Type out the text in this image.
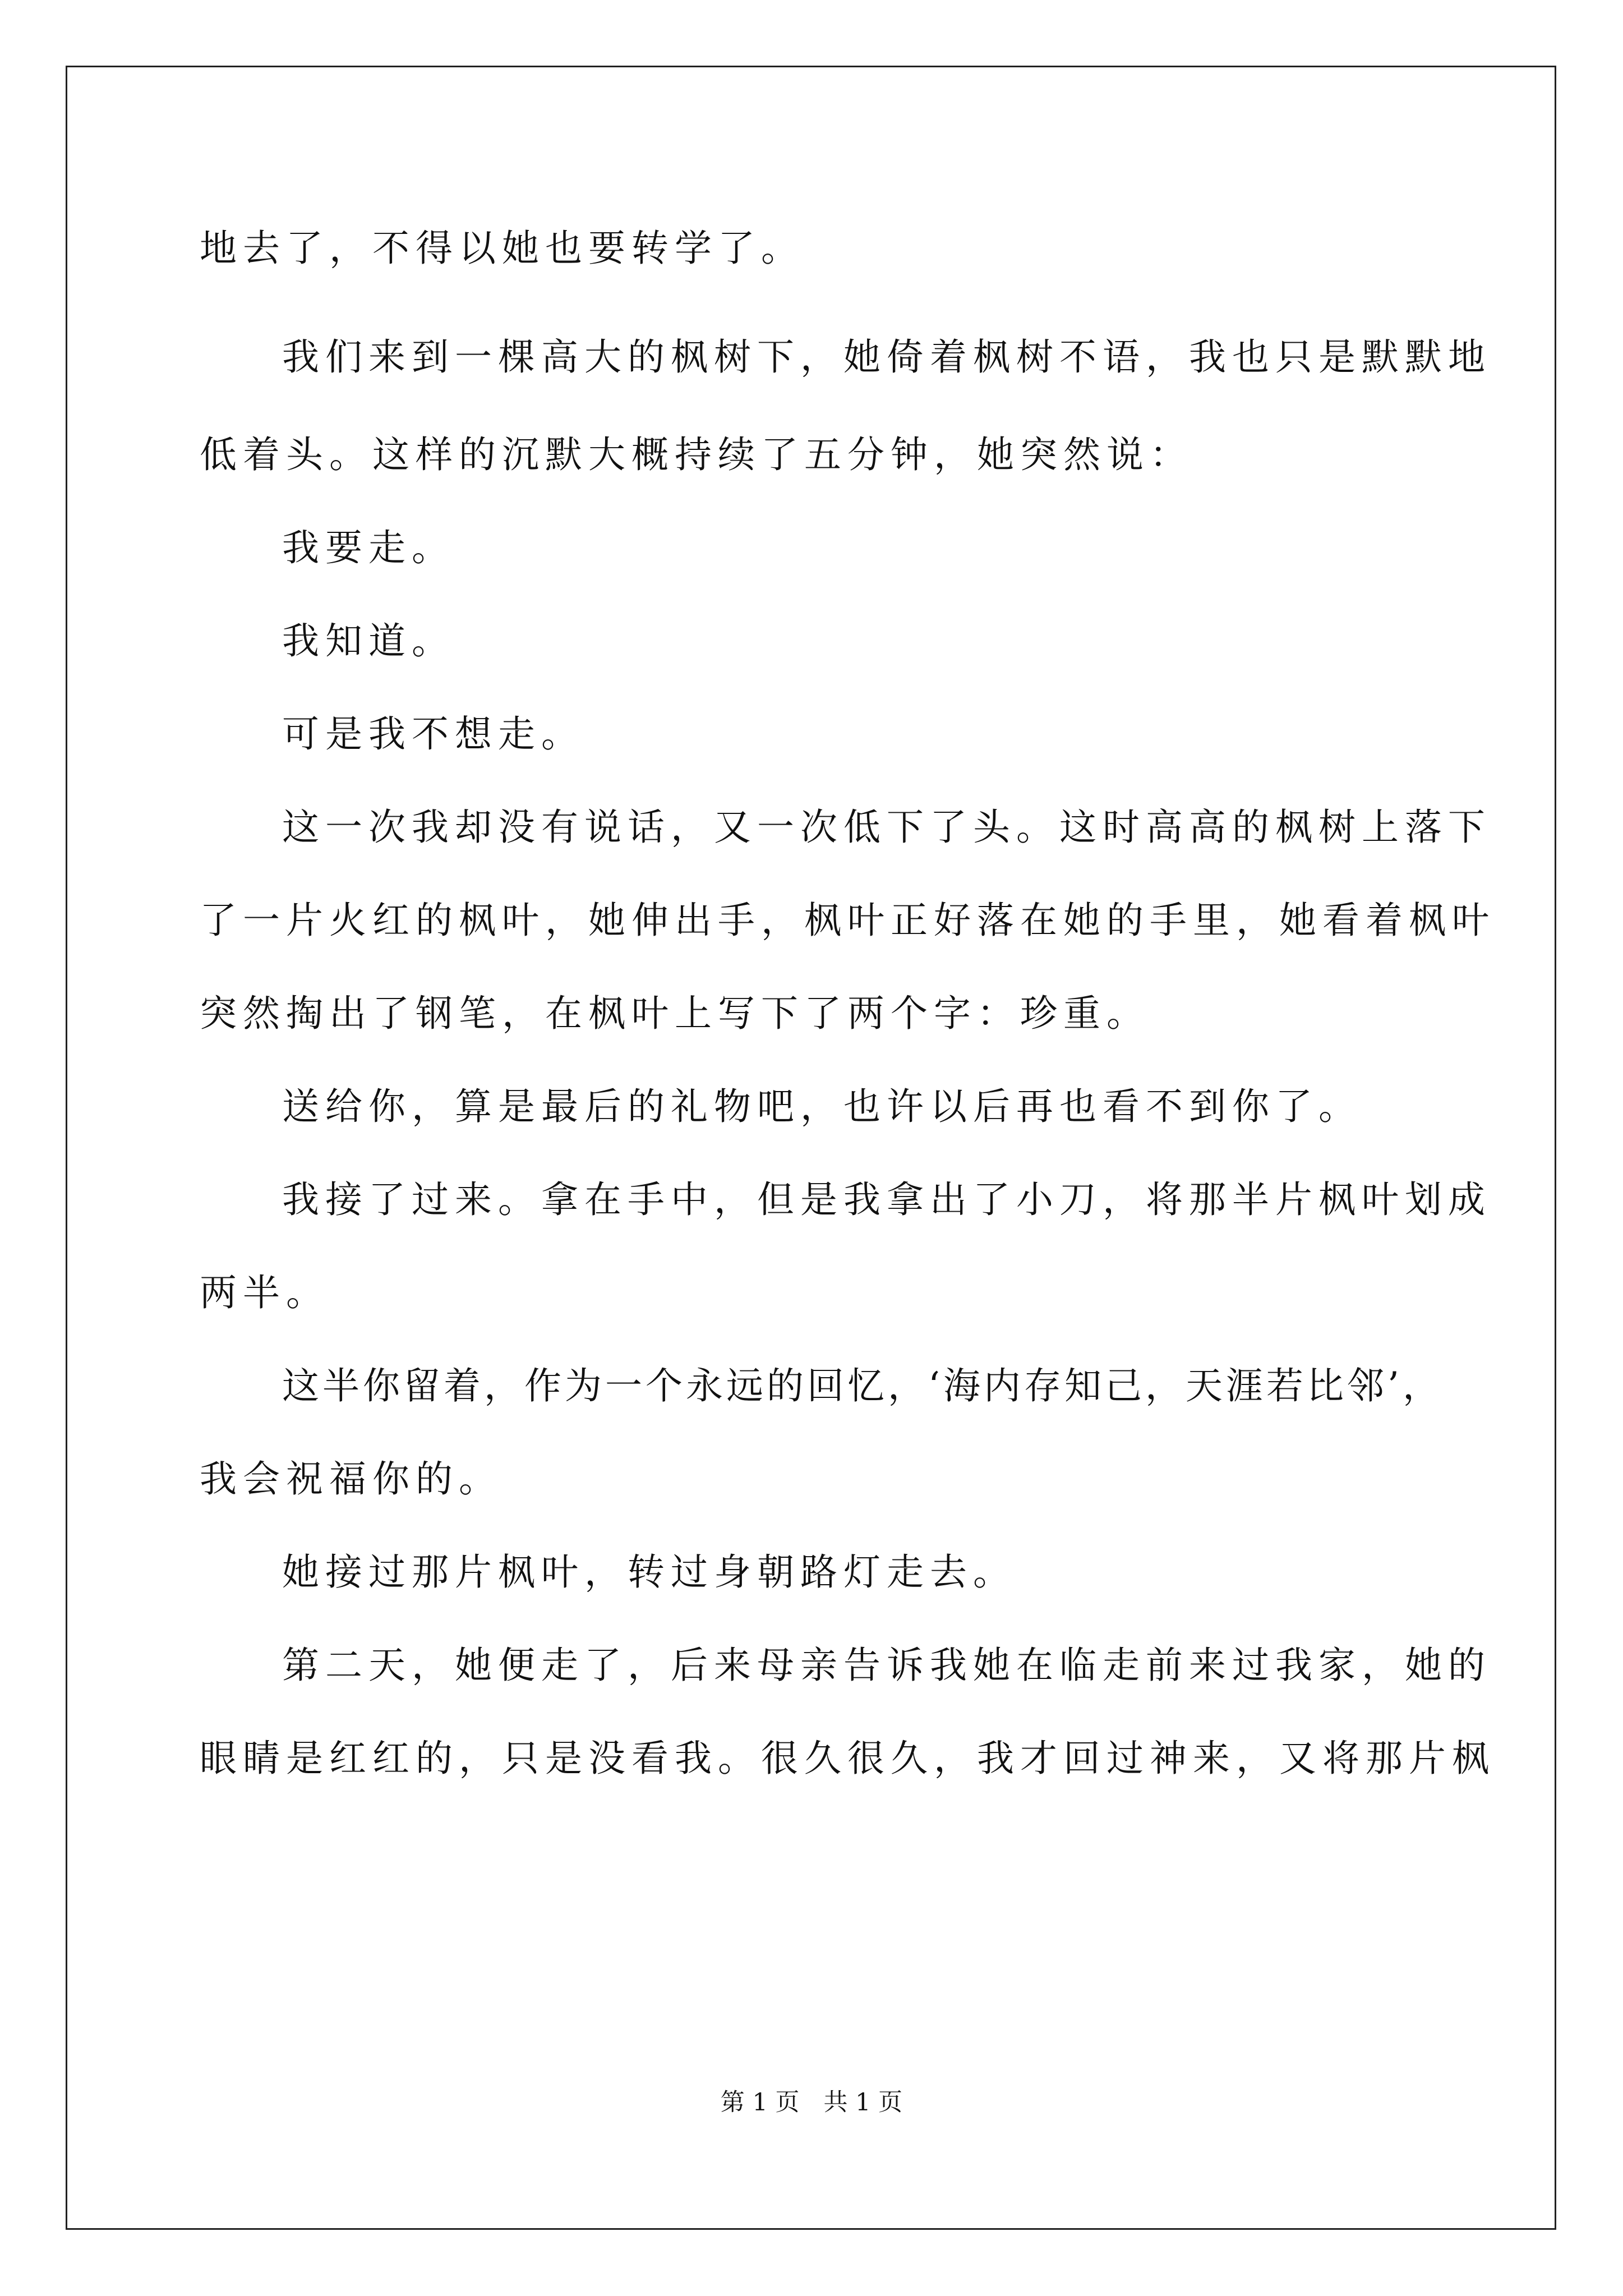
地去了，不得以她也要转学了。
我们来到一棵高大的枫树下，她倚着枫树不语，我也只是默默地
低着头。这样的沉默大概持续了五分钟，她突然说：
我要走。
我知道。
可是我不想走。
这一次我却没有说话，又一次低下了头。这时高高的枫树上落下
了一片火红的枫叶，她伸出手，枫叶正好落在她的手里，她看着枫叶
突然掏出了钢笔，在枫叶上写下了两个字：珍重。
送给你，算是最后的礼物吧，也许以后再也看不到你了。
我接了过来。拿在手中，但是我拿出了小刀，将那半片枫叶划成
两半。
这半你留着，作为一个永远的回忆，‘海内存知己，天涯若比邻’，
我会祝福你的。
她接过那片枫叶，转过身朝路灯走去。
第二天，她便走了，后来母亲告诉我她在临走前来过我家，她的
眼睛是红红的，只是没看我。很久很久，我才回过神来，又将那片枫
第 1 页　共 1 页
